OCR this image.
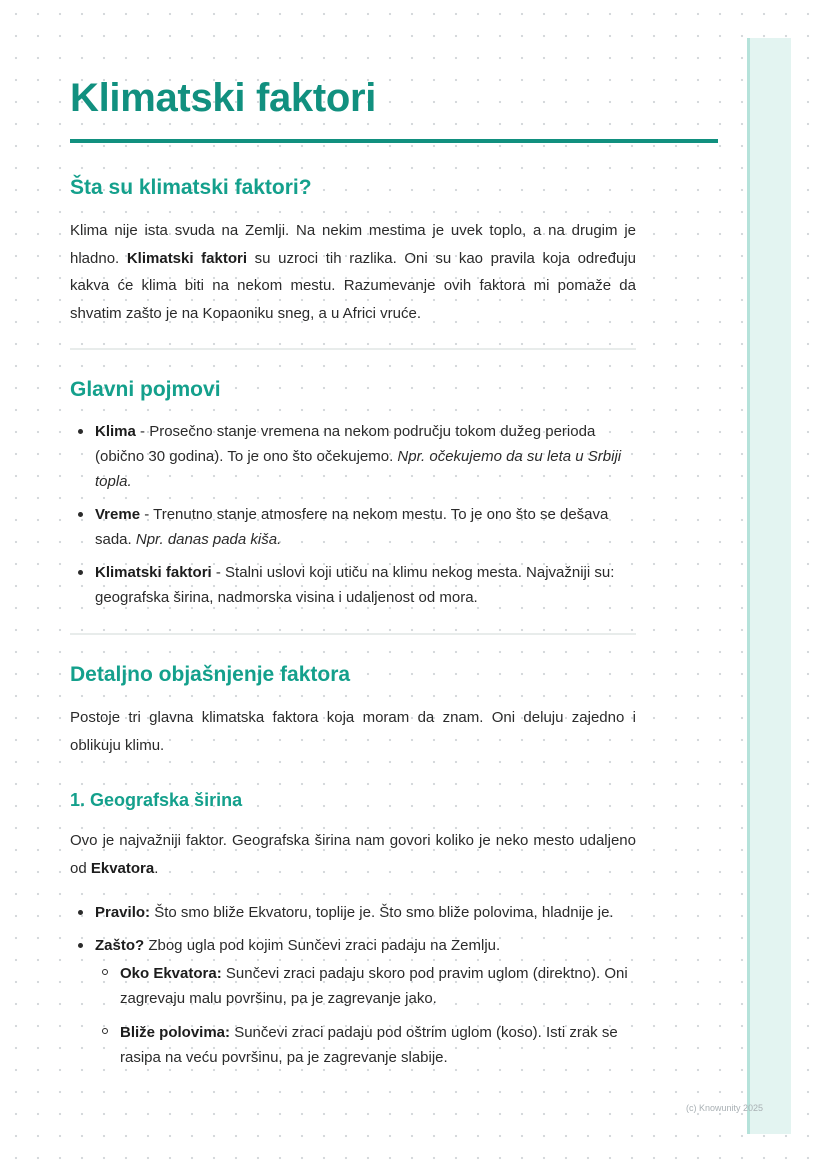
Klimatski faktori
Šta su klimatski faktori?

Klima nije ista svuda na Zemlji. Na nekim mestima je uvek toplo, a na drugim je hladno. Klimatski faktori su uzroci tih razlika. Oni su kao pravila koja određuju kakva će klima biti na nekom mestu. Razumevanje ovih faktora mi pomaže da shvatim zašto je na Kopaoniku sneg, a u Africi vruće.

Glavni pojmovi
Klima - Prosečno stanje vremena na nekom području tokom dužeg perioda (obično 30 godina). To je ono što očekujemo. Npr. očekujemo da su leta u Srbiji topla.
Vreme - Trenutno stanje atmosfere na nekom mestu. To je ono što se dešava sada. Npr. danas pada kiša.
Klimatski faktori - Stalni uslovi koji utiču na klimu nekog mesta. Najvažniji su: geografska širina, nadmorska visina i udaljenost od mora.
Detaljno objašnjenje faktora

Postoje tri glavna klimatska faktora koja moram da znam. Oni deluju zajedno i oblikuju klimu.

1. Geografska širina

Ovo je najvažniji faktor. Geografska širina nam govori koliko je neko mesto udaljeno od Ekvatora.

Pravilo: Što smo bliže Ekvatoru, toplije je. Što smo bliže polovima, hladnije je.
Zašto? Zbog ugla pod kojim Sunčevi zraci padaju na Zemlju.
Oko Ekvatora: Sunčevi zraci padaju skoro pod pravim uglom (direktno). Oni zagrevaju malu površinu, pa je zagrevanje jako.
Bliže polovima: Sunčevi zraci padaju pod oštrim uglom (koso). Isti zrak se rasipa na veću površinu, pa je zagrevanje slabije.
(c) Knowunity 2025
